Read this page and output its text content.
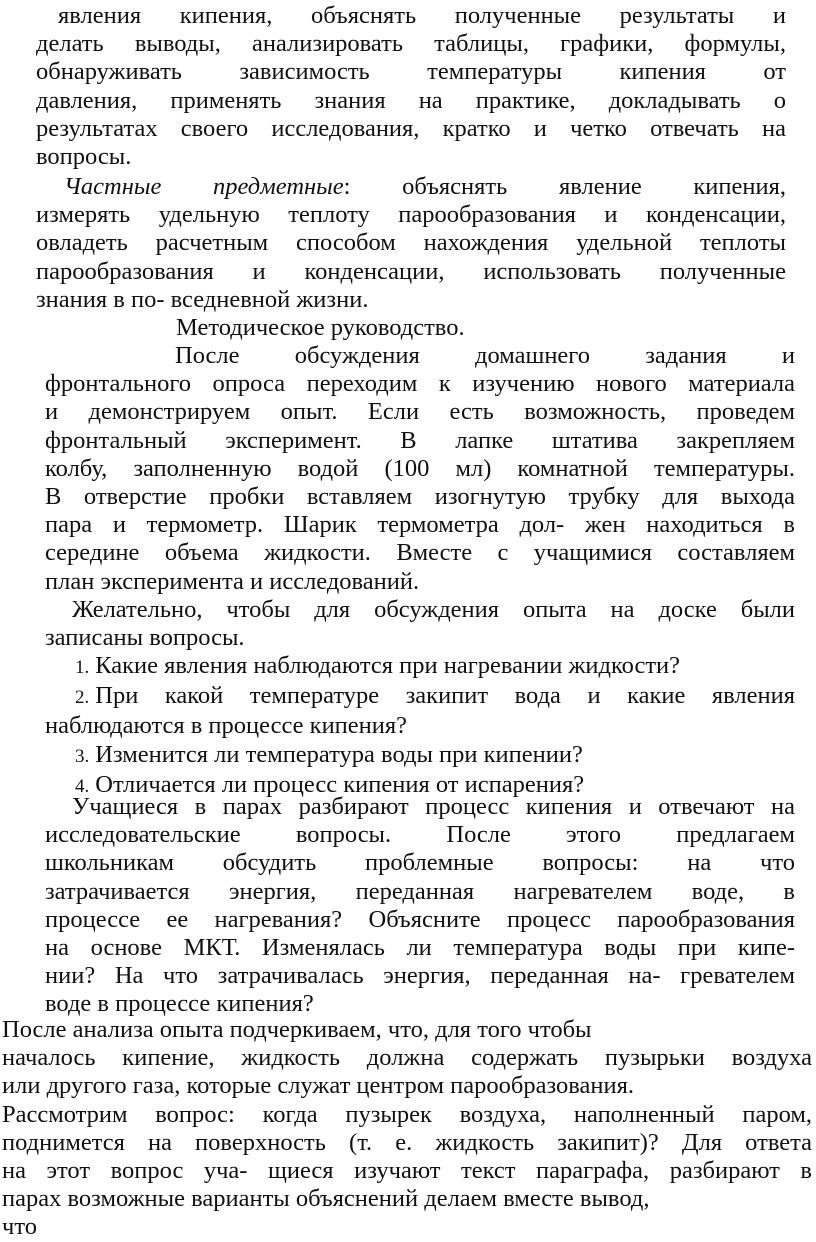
явления кипения, объяснять полученные результаты и
делать выводы, анализировать таблицы, графики, формулы,
обнаруживать зависимость температуры кипения от
давления, применять знания на практике, докладывать о
результатах своего исследования, кратко и четко отвечать на
вопросы.
Частные предметные: объяснять явление кипения,
измерять удельную теплоту парообразования и конденсации,
овладеть расчетным способом нахождения удельной теплоты
парообразования и конденсации, использовать полученные
знания в по- вседневной жизни.
Методическое руководство.
После обсуждения домашнего задания и
фронтального опроса переходим к изучению нового материала
и демонстрируем опыт. Если есть возможность, проведем
фронтальный эксперимент. В лапке штатива закрепляем
колбу, заполненную водой (100 мл) комнатной температуры.
В отверстие пробки вставляем изогнутую трубку для выхода
пара и термометр. Шарик термометра дол- жен находиться в
середине объема жидкости. Вместе с учащимися составляем
план эксперимента и исследований.
Желательно, чтобы для обсуждения опыта на доске были
записаны вопросы.
1. Какие явления наблюдаются при нагревании жидкости?
2. При какой температуре закипит вода и какие явления
наблюдаются в процессе кипения?
3. Изменится ли температура воды при кипении?
4. Отличается ли процесс кипения от испарения?
Учащиеся в парах разбирают процесс кипения и отвечают на
исследовательские вопросы. После этого предлагаем
школьникам обсудить проблемные вопросы: на что
затрачивается энергия, переданная нагревателем воде, в
процессе ее нагревания? Объясните процесс парообразования
на основе МКТ. Изменялась ли температура воды при кипе-
нии? На что затрачивалась энергия, переданная на- гревателем
воде в процессе кипения?
После анализа опыта подчеркиваем, что, для того чтобы
началось кипение, жидкость должна содержать пузырьки воздуха
или другого газа, которые служат центром парообразования.
Рассмотрим вопрос: когда пузырек воздуха, наполненный паром,
поднимется на поверхность (т. е. жидкость закипит)? Для ответа
на этот вопрос уча- щиеся изучают текст параграфа, разбирают в
парах возможные варианты объяснений делаем вместе вывод,
что
